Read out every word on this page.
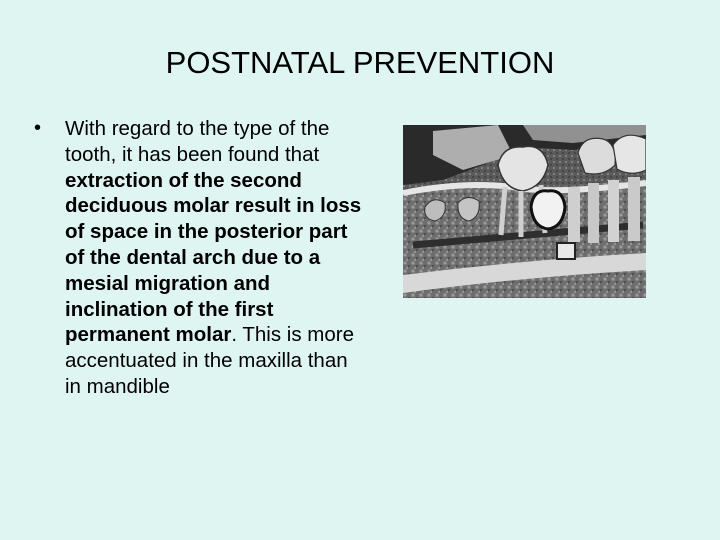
POSTNATAL PREVENTION
•	With regard to the type of the tooth, it has been found that extraction of the second deciduous molar result in loss of space in the posterior part of the dental arch due to a mesial migration and inclination of the first permanent molar. This is more accentuated in the maxilla than in mandible
